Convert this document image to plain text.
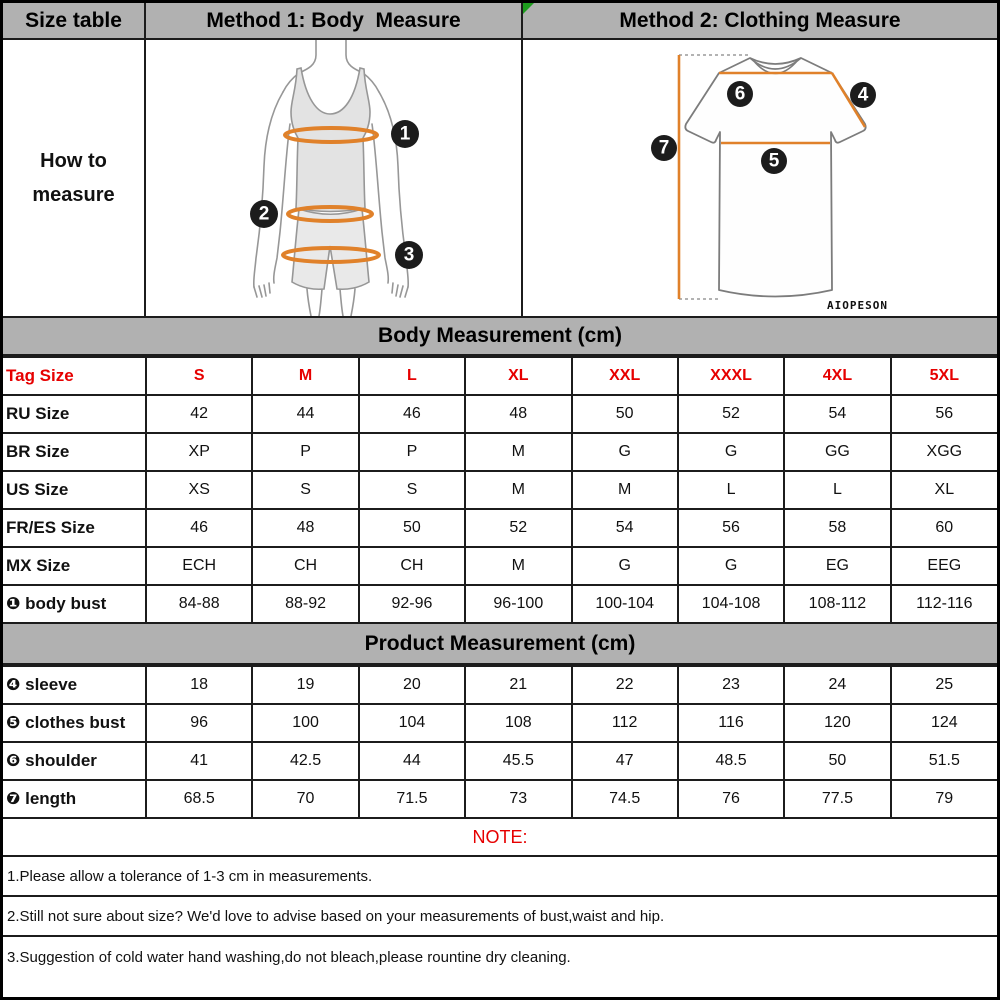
Size table	Method 1: Body  Measure	Method 2: Clothing Measure
How to measure
1
2
3
6	4
7
5
AIOPESON
Body Measurement (cm)
Tag Size	S	M	L	XL	XXL	XXXL	4XL	5XL
RU Size	42	44	46	48	50	52	54	56
BR Size	XP	P	P	M	G	G	GG	XGG
US Size	XS	S	S	M	M	L	L	XL
FR/ES Size	46	48	50	52	54	56	58	60
MX Size	ECH	CH	CH	M	G	G	EG	EEG
❶ body bust	84-88	88-92	92-96	96-100	100-104	104-108	108-112	112-116
Product Measurement (cm)
❹ sleeve	18	19	20	21	22	23	24	25
❺ clothes bust	96	100	104	108	112	116	120	124
❻ shoulder	41	42.5	44	45.5	47	48.5	50	51.5
❼ length	68.5	70	71.5	73	74.5	76	77.5	79
NOTE:
1.Please allow a tolerance of 1-3 cm in measurements.
2.Still not sure about size? We'd love to advise based on your measurements of bust,waist and hip.
3.Suggestion of cold water hand washing,do not bleach,please rountine dry cleaning.
